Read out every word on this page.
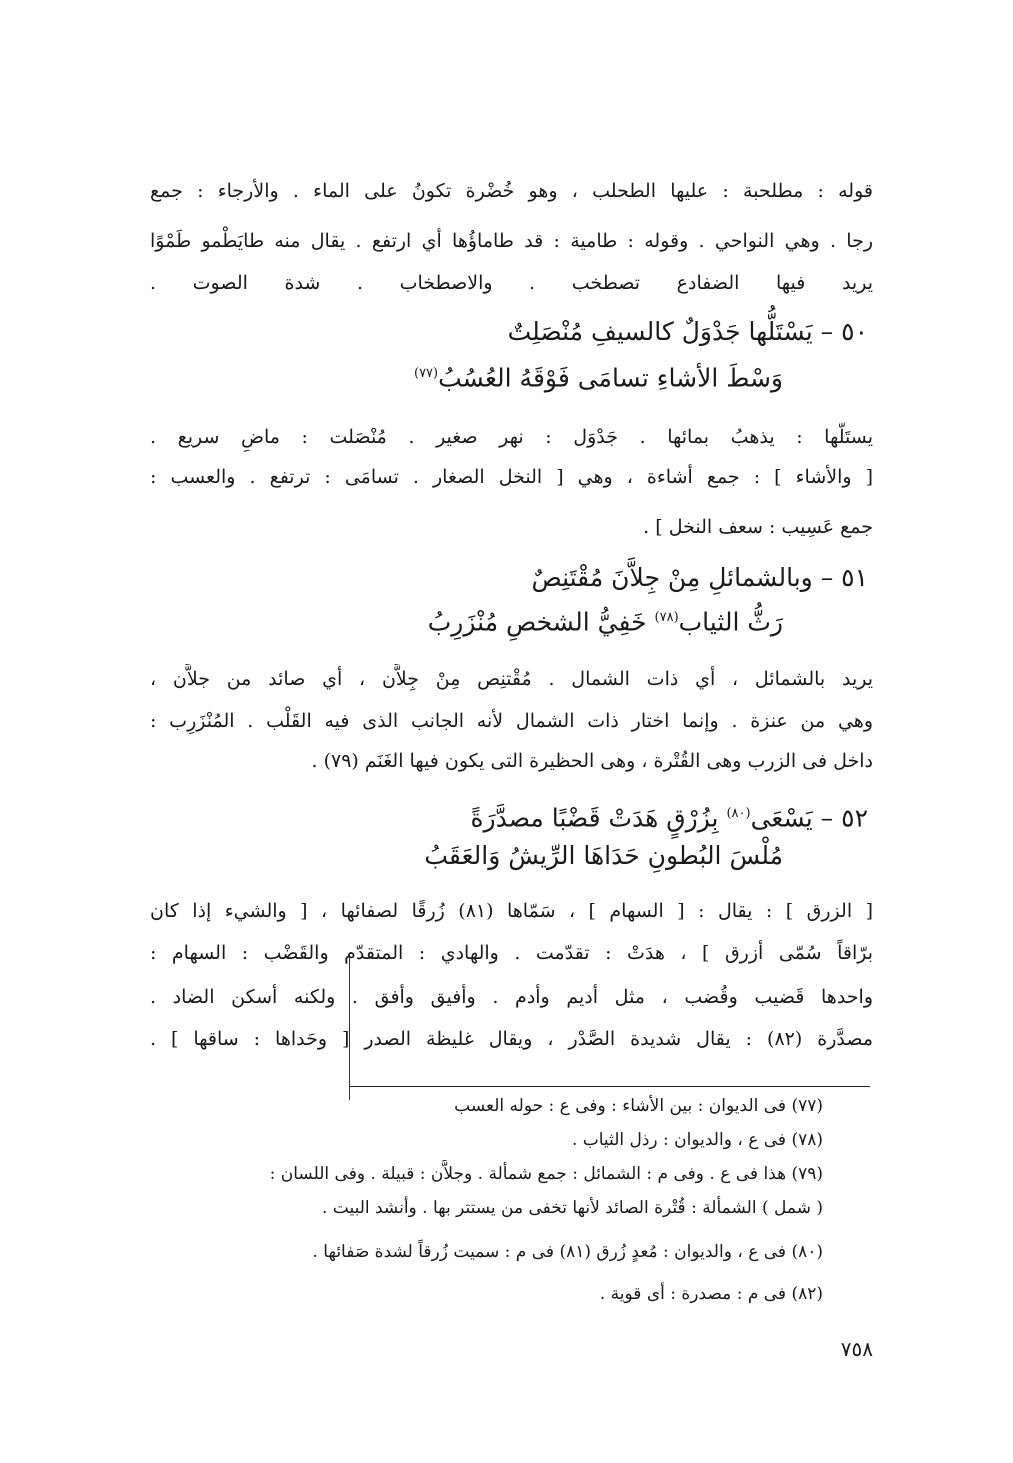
قوله : مطلحبة : عليها الطحلب ، وهو خُضْرة تكونُ على الماء . والأرجاء : جمع
رجا . وهي النواحي . وقوله : طامية : قد طاماؤُها أي ارتفع . يقال منه طايَطْمو طَمْوًا
يريد فيها الضفادع تصطخب . والاصطخاب . شدة الصوت .
٥٠ – يَسْتَلُّها جَدْوَلٌ كالسيفِ مُنْصَلِتٌ
وَسْطَ الأشاءِ تسامَى فَوْقَهُ العُسُبُ$^{(٧٧)}$
يستَلُّها : يذهبُ بمائها . جَدْوَل : نهر صغير . مُنْصَلت : ماضٍ سريع .
[ والأشاء ] : جمع أشاءة ، وهي [ النخل الصغار . تسامَى : ترتفع . والعسب :
جمع عَسِيب : سعف النخل ] .
٥١ – وبالشمائلِ مِنْ جِلاَّنَ مُقْتَنِصٌ
رَثُّ الثياب$^{(٧٨)}$ خَفِيُّ الشخصِ مُنْزَرِبُ
يريد بالشمائل ، أي ذات الشمال . مُقْتنِص مِنْ جِلاَّن ، أي صائد من جلاَّن ،
وهي من عنزة . وإنما اختار ذات الشمال لأنه الجانب الذى فيه القَلْب . المُنْزَرِب :
داخل فى الزرب وهى القُتْرة ، وهى الحظيرة التى يكون فيها الغَنَم (٧٩) .
٥٢ – يَسْعَى$^{(٨٠)}$ بِزُرْقٍ هَدَتْ قَضْبًا مصدَّرَةً
مُلْسَ البُطونِ حَدَاهَا الرِّيشُ وَالعَقَبُ
[ الزرق ] : يقال : [ السهام ] ، سَمّاها (٨١) زُرقًا لصفائها ، [ والشيء إذا كان
برّاقاً سُمّى أزرق ] ، هدَتْ : تقدّمت . والهادي : المتقدّم والقَضْب : السهام :
واحدها قَضيب وقُضب ، مثل أديم وأدم . وأفيق وأفق . ولكنه أسكن الضاد .
مصدَّرة (٨٢) : يقال شديدة الصَّدْر ، ويقال غليظة الصدر [ وحَداها : ساقها ] .
(٧٧) فى الديوان : بين الأشاء : وفى ع : حوله العسب
(٧٨) فى ع ، والديوان : رذل الثياب .
(٧٩) هذا فى ع . وفى م : الشمائل : جمع شمألة . وجلاَّن : قبيلة . وفى اللسان :
( شمل ) الشمألة : قُتْرة الصائد لأنها تخفى من يستتر بها . وأنشد البيت .
(٨٠) فى ع ، والديوان : مُعدٍ زُرق (٨١) فى م : سميت زُرقاً لشدة صَفائها .
(٨٢) فى م : مصدرة : أى قوية .
٧٥٨
